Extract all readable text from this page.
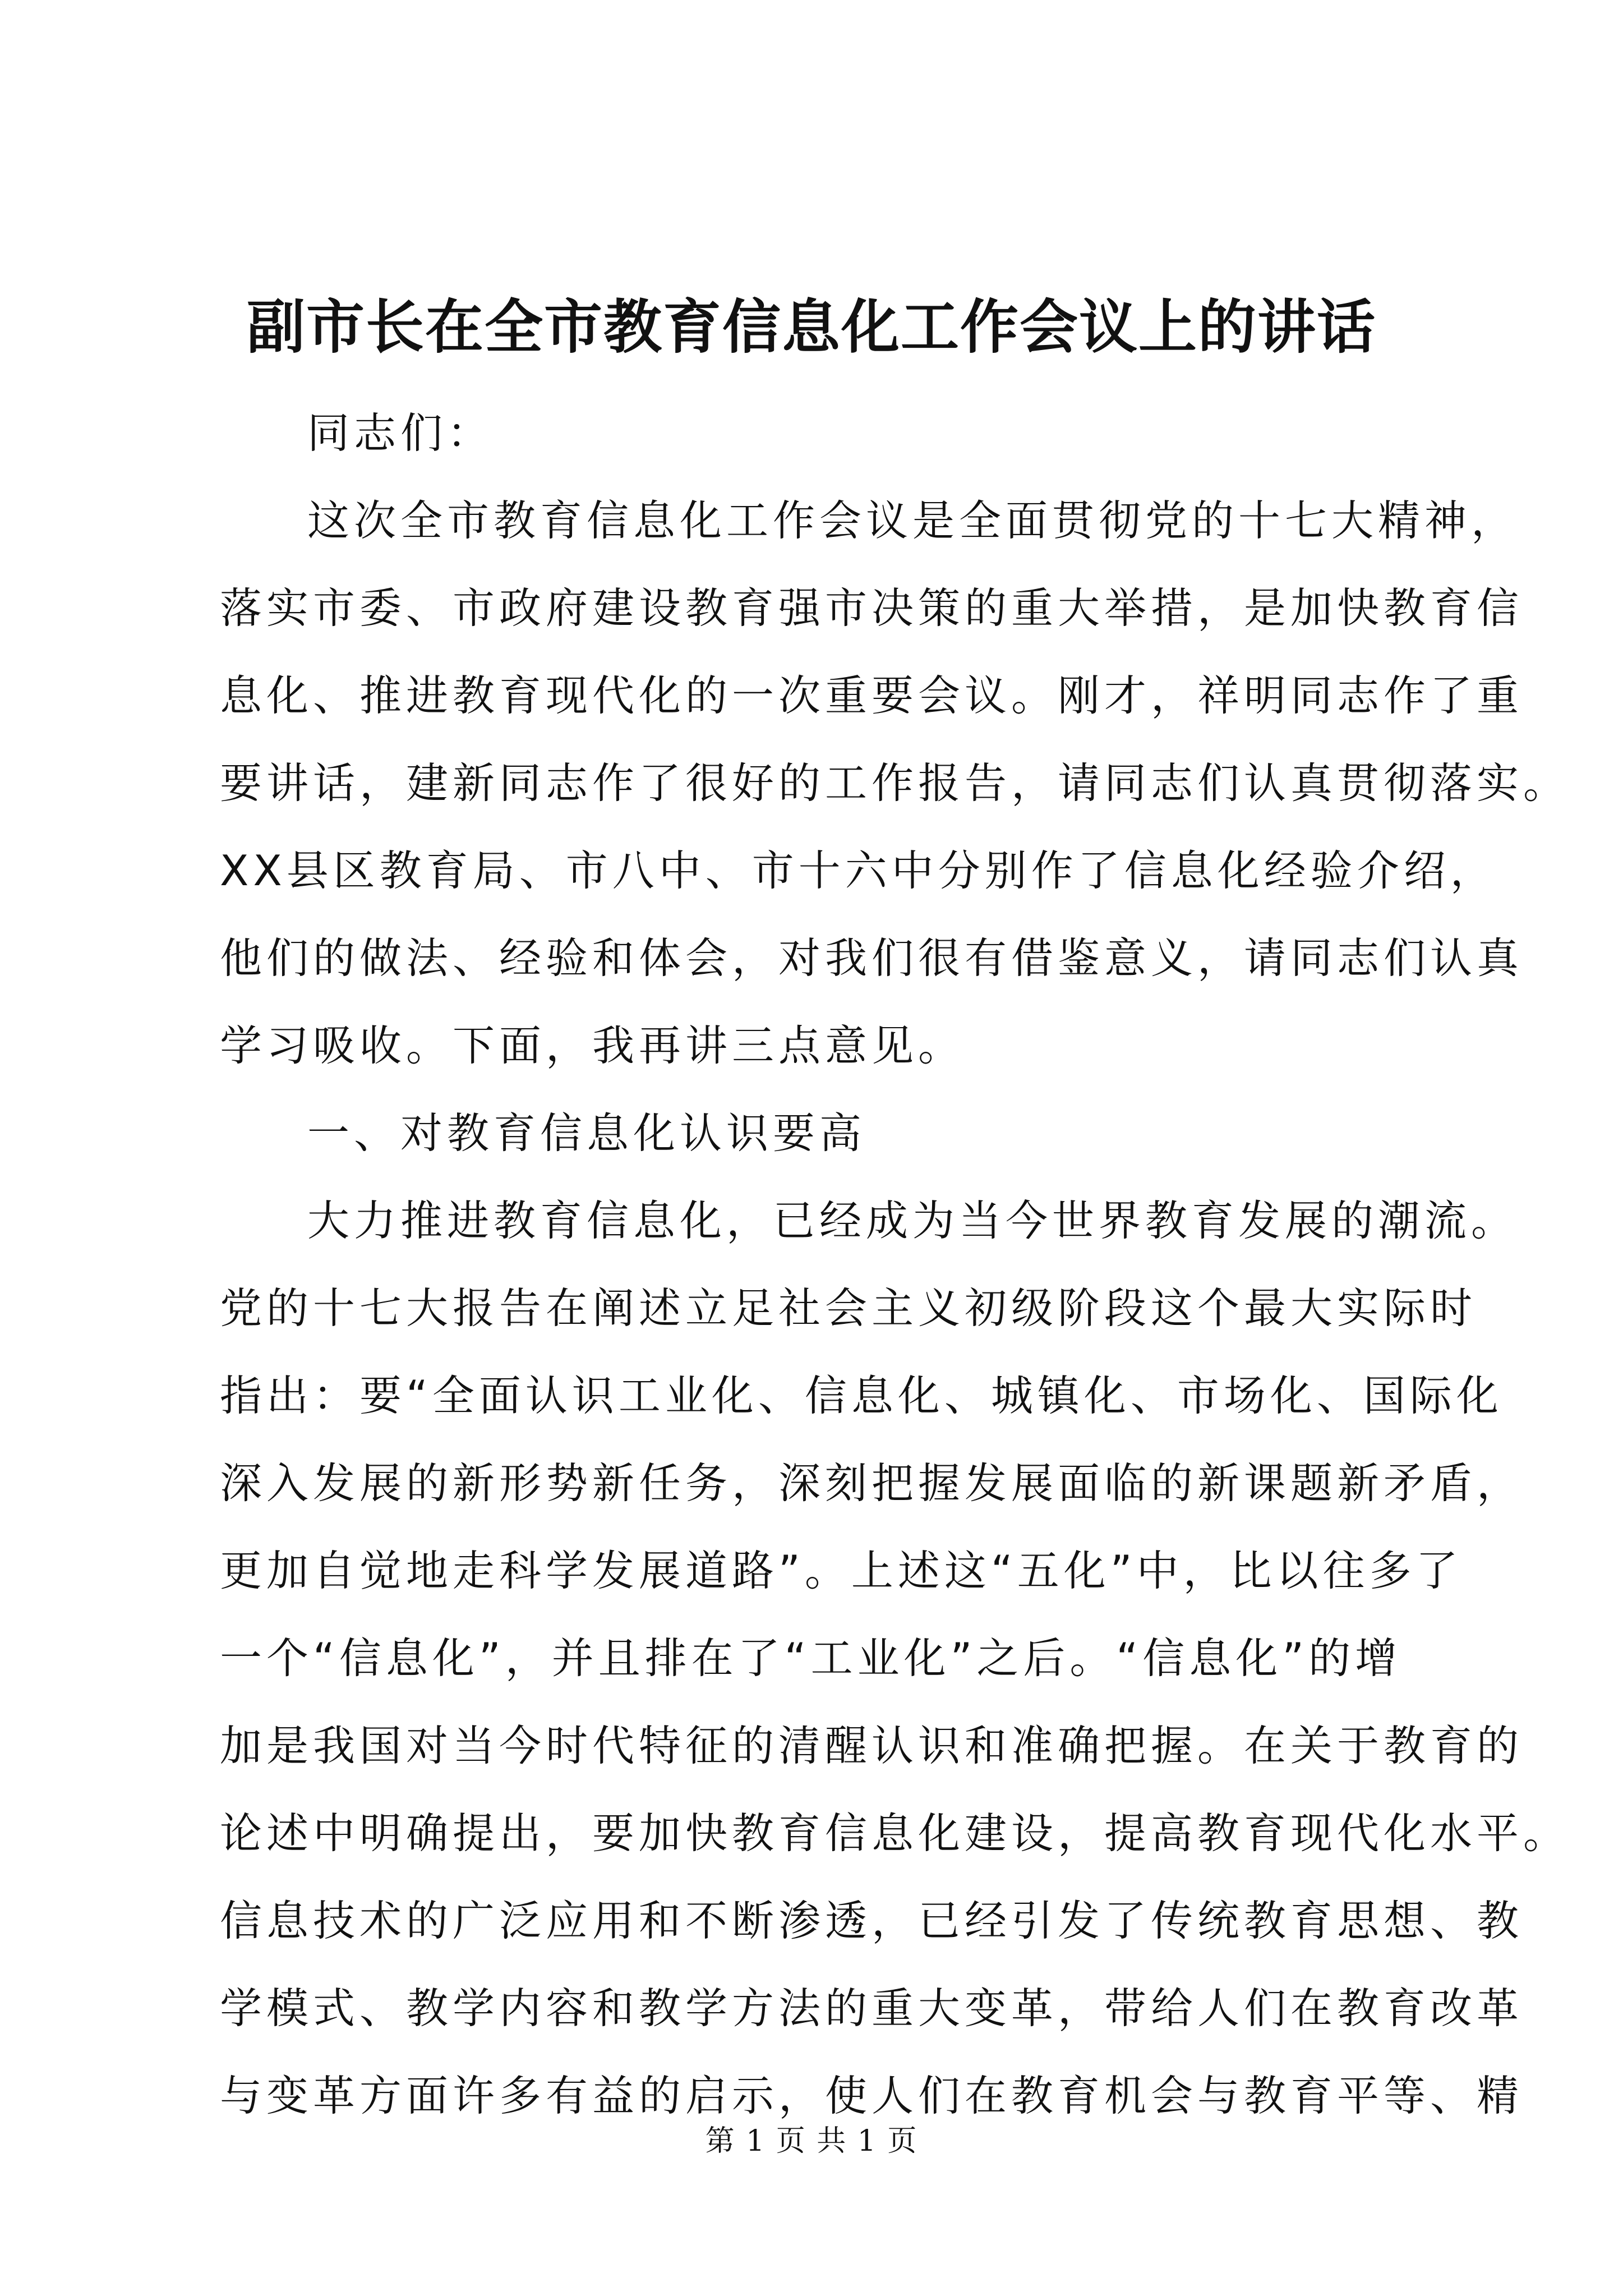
副市长在全市教育信息化工作会议上的讲话
同志们：
这次全市教育信息化工作会议是全面贯彻党的十七大精神，
落实市委、市政府建设教育强市决策的重大举措，是加快教育信
息化、推进教育现代化的一次重要会议。刚才，祥明同志作了重
要讲话，建新同志作了很好的工作报告，请同志们认真贯彻落实。
XX县区教育局、市八中、市十六中分别作了信息化经验介绍，
他们的做法、经验和体会，对我们很有借鉴意义，请同志们认真
学习吸收。下面，我再讲三点意见。
一、对教育信息化认识要高
大力推进教育信息化，已经成为当今世界教育发展的潮流。
党的十七大报告在阐述立足社会主义初级阶段这个最大实际时
指出：要“全面认识工业化、信息化、城镇化、市场化、国际化
深入发展的新形势新任务，深刻把握发展面临的新课题新矛盾，
更加自觉地走科学发展道路”。上述这“五化”中，比以往多了
一个“信息化”，并且排在了“工业化”之后。“信息化”的增
加是我国对当今时代特征的清醒认识和准确把握。在关于教育的
论述中明确提出，要加快教育信息化建设，提高教育现代化水平。
信息技术的广泛应用和不断渗透，已经引发了传统教育思想、教
学模式、教学内容和教学方法的重大变革，带给人们在教育改革
与变革方面许多有益的启示，使人们在教育机会与教育平等、精
第 1 页 共 1 页
